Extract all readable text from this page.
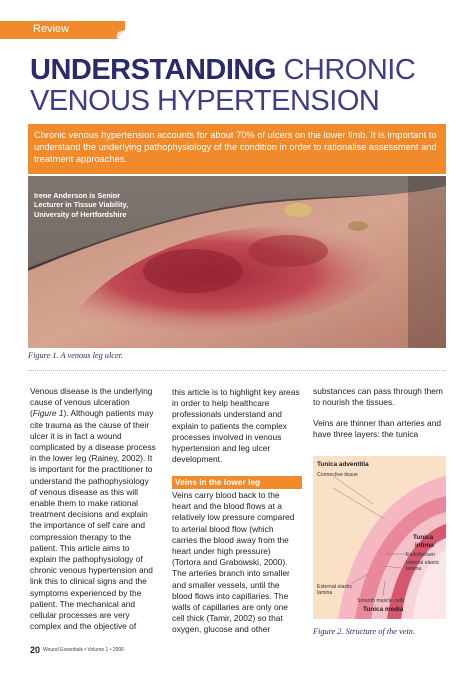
Review
UNDERSTANDING CHRONIC
VENOUS HYPERTENSION

Chronic venous hypertension accounts for about 70% of ulcers on the lower limb. It is important to understand the underlying pathophysiology of the condition in order to rationalise assessment and treatment approaches.

Irene Anderson is Senior Lecturer in Tissue Viability, University of Hertfordshire
Figure 1. A venous leg ulcer.

Venous disease is the underlying cause of venous ulceration (Figure 1). Although patients may cite trauma as the cause of their ulcer it is in fact a wound complicated by a disease process in the lower leg (Rainey, 2002). It is important for the practitioner to understand the pathophysiology of venous disease as this will enable them to make rational treatment decisions and explain the importance of self care and compression therapy to the patient. This article aims to explain the pathophysiology of chronic venous hypertension and link this to clinical signs and the symptoms experienced by the patient. The mechanical and cellular processes are very complex and the objective of

this article is to highlight key areas in order to help healthcare professionals understand and explain to patients the complex processes involved in venous hypertension and leg ulcer development.

Veins in the lower leg

Veins carry blood back to the heart and the blood flows at a relatively low pressure compared to arterial blood flow (which carries the blood away from the heart under high pressure) (Tortora and Grabowski, 2000). The arteries branch into smaller and smaller vessels, until the blood flows into capillaries. The walls of capillaries are only one cell thick (Tamir, 2002) so that oxygen, glucose and other

substances can pass through them to nourish the tissues.

Veins are thinner than arteries and have three layers: the tunica

Tunica adventitia
Connective tissue
Tunica
intima
Endothelium
Internal elastic
lamina
External elastic
lamina
Smooth muscle cells
Tunica media
Figure 2. Structure of the vein.
20 Wound Essentials • Volume 1 • 2006
